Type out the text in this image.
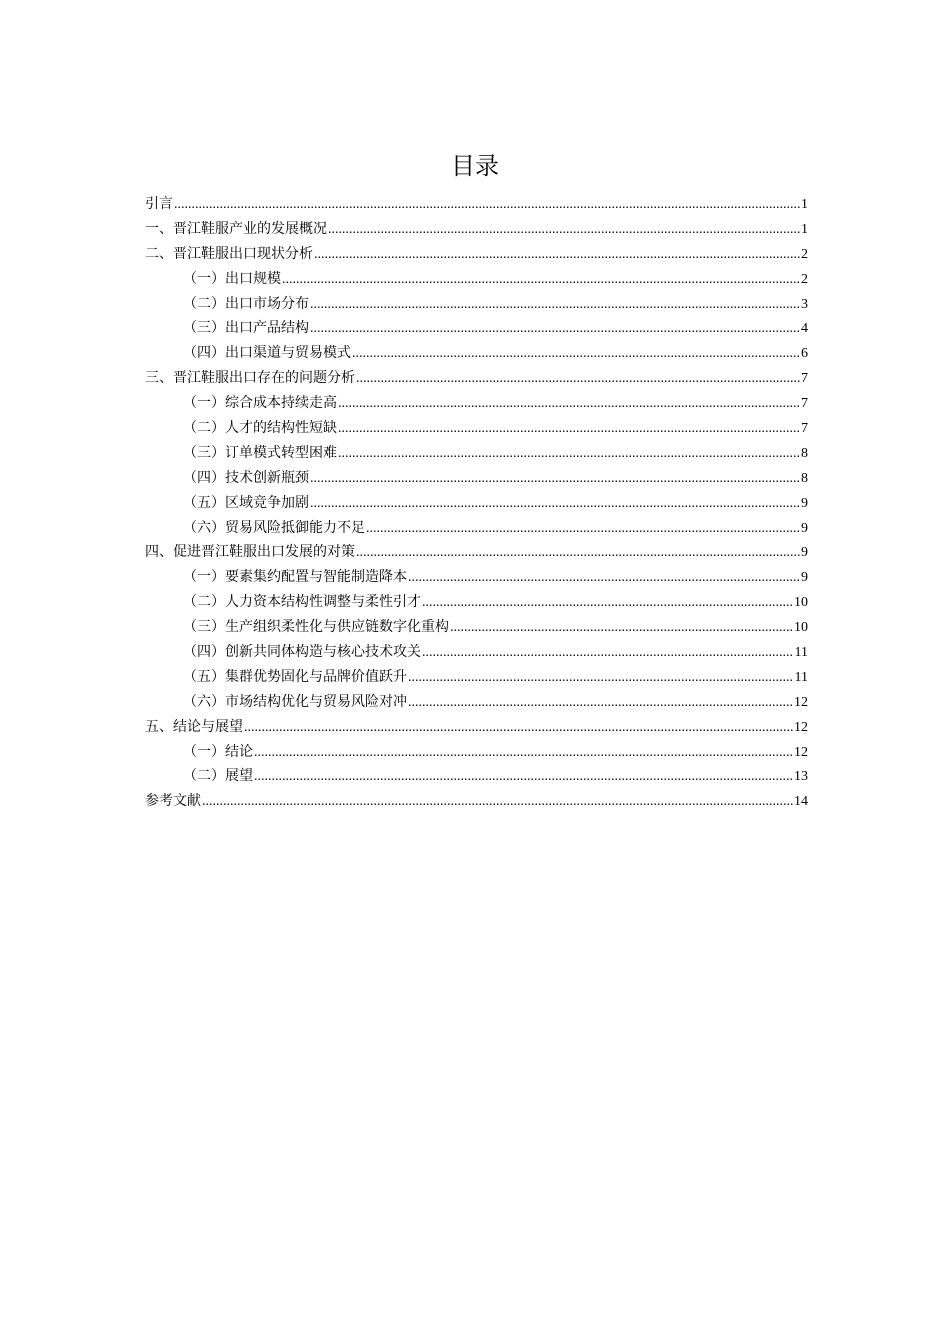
目录
引言 .....	1
一、晋江鞋服产业的发展概况 .....	1
二、晋江鞋服出口现状分析 .....	2
（一）出口规模 .....	2
（二）出口市场分布 .....	3
（三）出口产品结构 .....	4
（四）出口渠道与贸易模式 .....	6
三、晋江鞋服出口存在的问题分析 .....	7
（一）综合成本持续走高 .....	7
（二）人才的结构性短缺 .....	7
（三）订单模式转型困难 .....	8
（四）技术创新瓶颈 .....	8
（五）区域竞争加剧 .....	9
（六）贸易风险抵御能力不足 .....	9
四、促进晋江鞋服出口发展的对策 .....	9
（一）要素集约配置与智能制造降本 .....	9
（二）人力资本结构性调整与柔性引才 .....	10
（三）生产组织柔性化与供应链数字化重构 .....	10
（四）创新共同体构造与核心技术攻关 .....	11
（五）集群优势固化与品牌价值跃升 .....	11
（六）市场结构优化与贸易风险对冲 .....	12
五、结论与展望 .....	12
（一）结论 .....	12
（二）展望 .....	13
参考文献 .....	14
